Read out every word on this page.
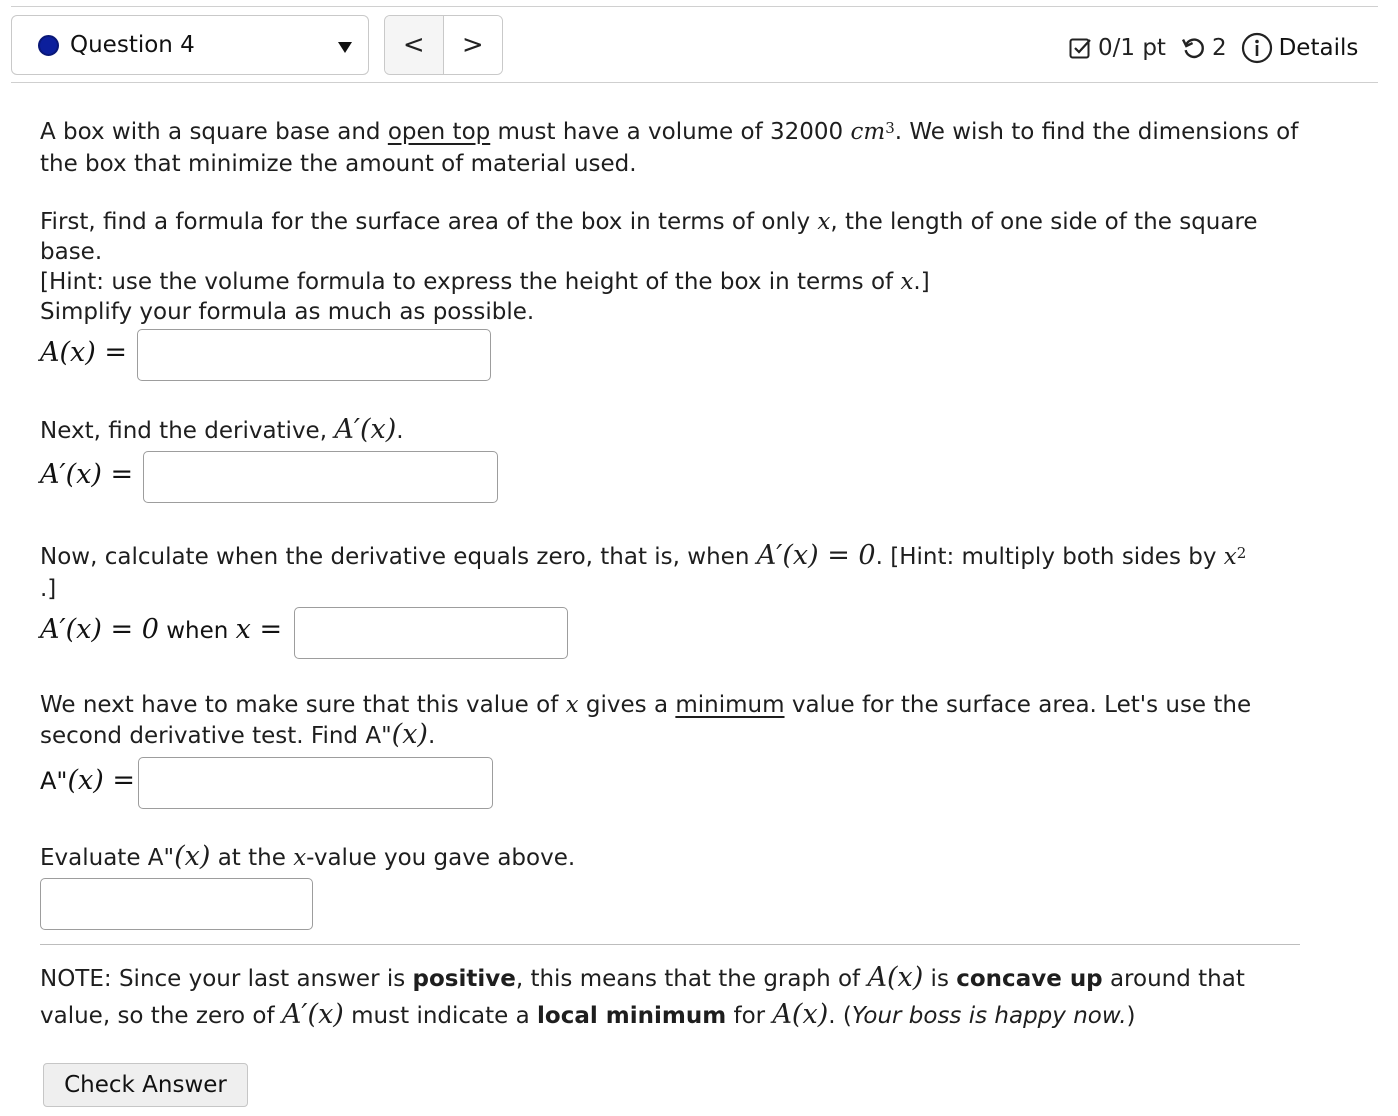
Question 4	<	>	0/1 pt 2 Details
A box with a square base and open top must have a volume of 32000 $cm^3$. We wish to find the dimensions of the box that minimize the amount of material used.
First, find a formula for the surface area of the box in terms of only x, the length of one side of the square base.
[Hint: use the volume formula to express the height of the box in terms of x.]
Simplify your formula as much as possible.
A(x) =
Next, find the derivative, A′(x).
A′(x) =
Now, calculate when the derivative equals zero, that is, when A′(x) = 0. [Hint: multiply both sides by $x^2$
.]
A′(x) = 0 when x =
We next have to make sure that this value of x gives a minimum value for the surface area. Let's use the second derivative test. Find A"(x).
A"(x) =
Evaluate A"(x) at the x-value you gave above.
NOTE: Since your last answer is positive, this means that the graph of A(x) is concave up around that value, so the zero of A′(x) must indicate a local minimum for A(x). (Your boss is happy now.)
Check Answer
